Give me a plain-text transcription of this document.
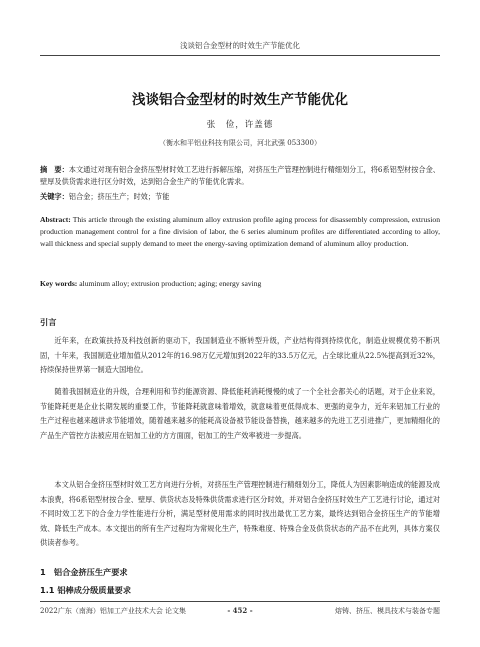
浅谈铝合金型材的时效生产节能优化
浅谈铝合金型材的时效生产节能优化
张　俭，许盖德
（衡水和平铝业科技有限公司，河北武强 053300）
摘　要：本文通过对现有铝合金挤压型材时效工艺进行拆解压缩，对挤压生产管理控制进行精细划分工，将6系铝型材按合金、壁厚及供货需求进行区分时效，达到铝合金生产的节能优化需求。
关键字：铝合金；挤压生产；时效；节能
Abstract: This article through the existing aluminum alloy extrusion profile aging process for disassembly compression, extrusion production management control for a fine division of labor, the 6 series aluminum profiles are differentiated according to alloy, wall thickness and special supply demand to meet the energy-saving optimization demand of aluminum alloy production.
Key words: aluminum alloy; extrusion production; aging; energy saving
引言

近年来，在政策扶持及科技创新的驱动下，我国制造业不断转型升级，产业结构得到持续优化，制造业规模优势不断巩固，十年来，我国制造业增加值从2012年的16.98万亿元增加到2022年的33.5万亿元，占全球比重从22.5%提高到近32%，持续保持世界第一制造大国地位。

随着我国制造业的升级，合理利用和节约能源资源、降低能耗消耗慢慢的成了一个全社会都关心的话题，对于企业来说，节能降耗更是企业长期发展的重要工作，节能降耗就意味着增效，就意味着更低得成本、更强的竞争力，近年来铝加工行业的生产过程也越来越讲求节能增效，随着越来越多的能耗高设备被节能设备替换，越来越多的先进工艺引进推广，更加精细化的产品生产管控方法被应用在铝加工业的方方面面，铝加工的生产效率被进一步提高。

本文从铝合金挤压型材时效工艺方向进行分析，对挤压生产管理控制进行精细划分工，降低人为因素影响造成的能源及成本浪费，将6系铝型材按合金、壁厚、供货状态及特殊供货需求进行区分时效，并对铝合金挤压时效生产工艺进行讨论，通过对不同时效工艺下的合金力学性能进行分析，满足型材使用需求的同时找出最优工艺方案，最终达到铝合金挤压生产的节能增效、降低生产成本。本文提出的所有生产过程均为常规化生产，特殊难度、特殊合金及供货状态的产品不在此列，具体方案仅供读者参考。

1　铝合金挤压生产要求
1.1 铝棒成分级质量要求
2022广东（南海）铝加工产业技术大会 论文集	- 452 -	熔铸、挤压、模具技术与装备专题
